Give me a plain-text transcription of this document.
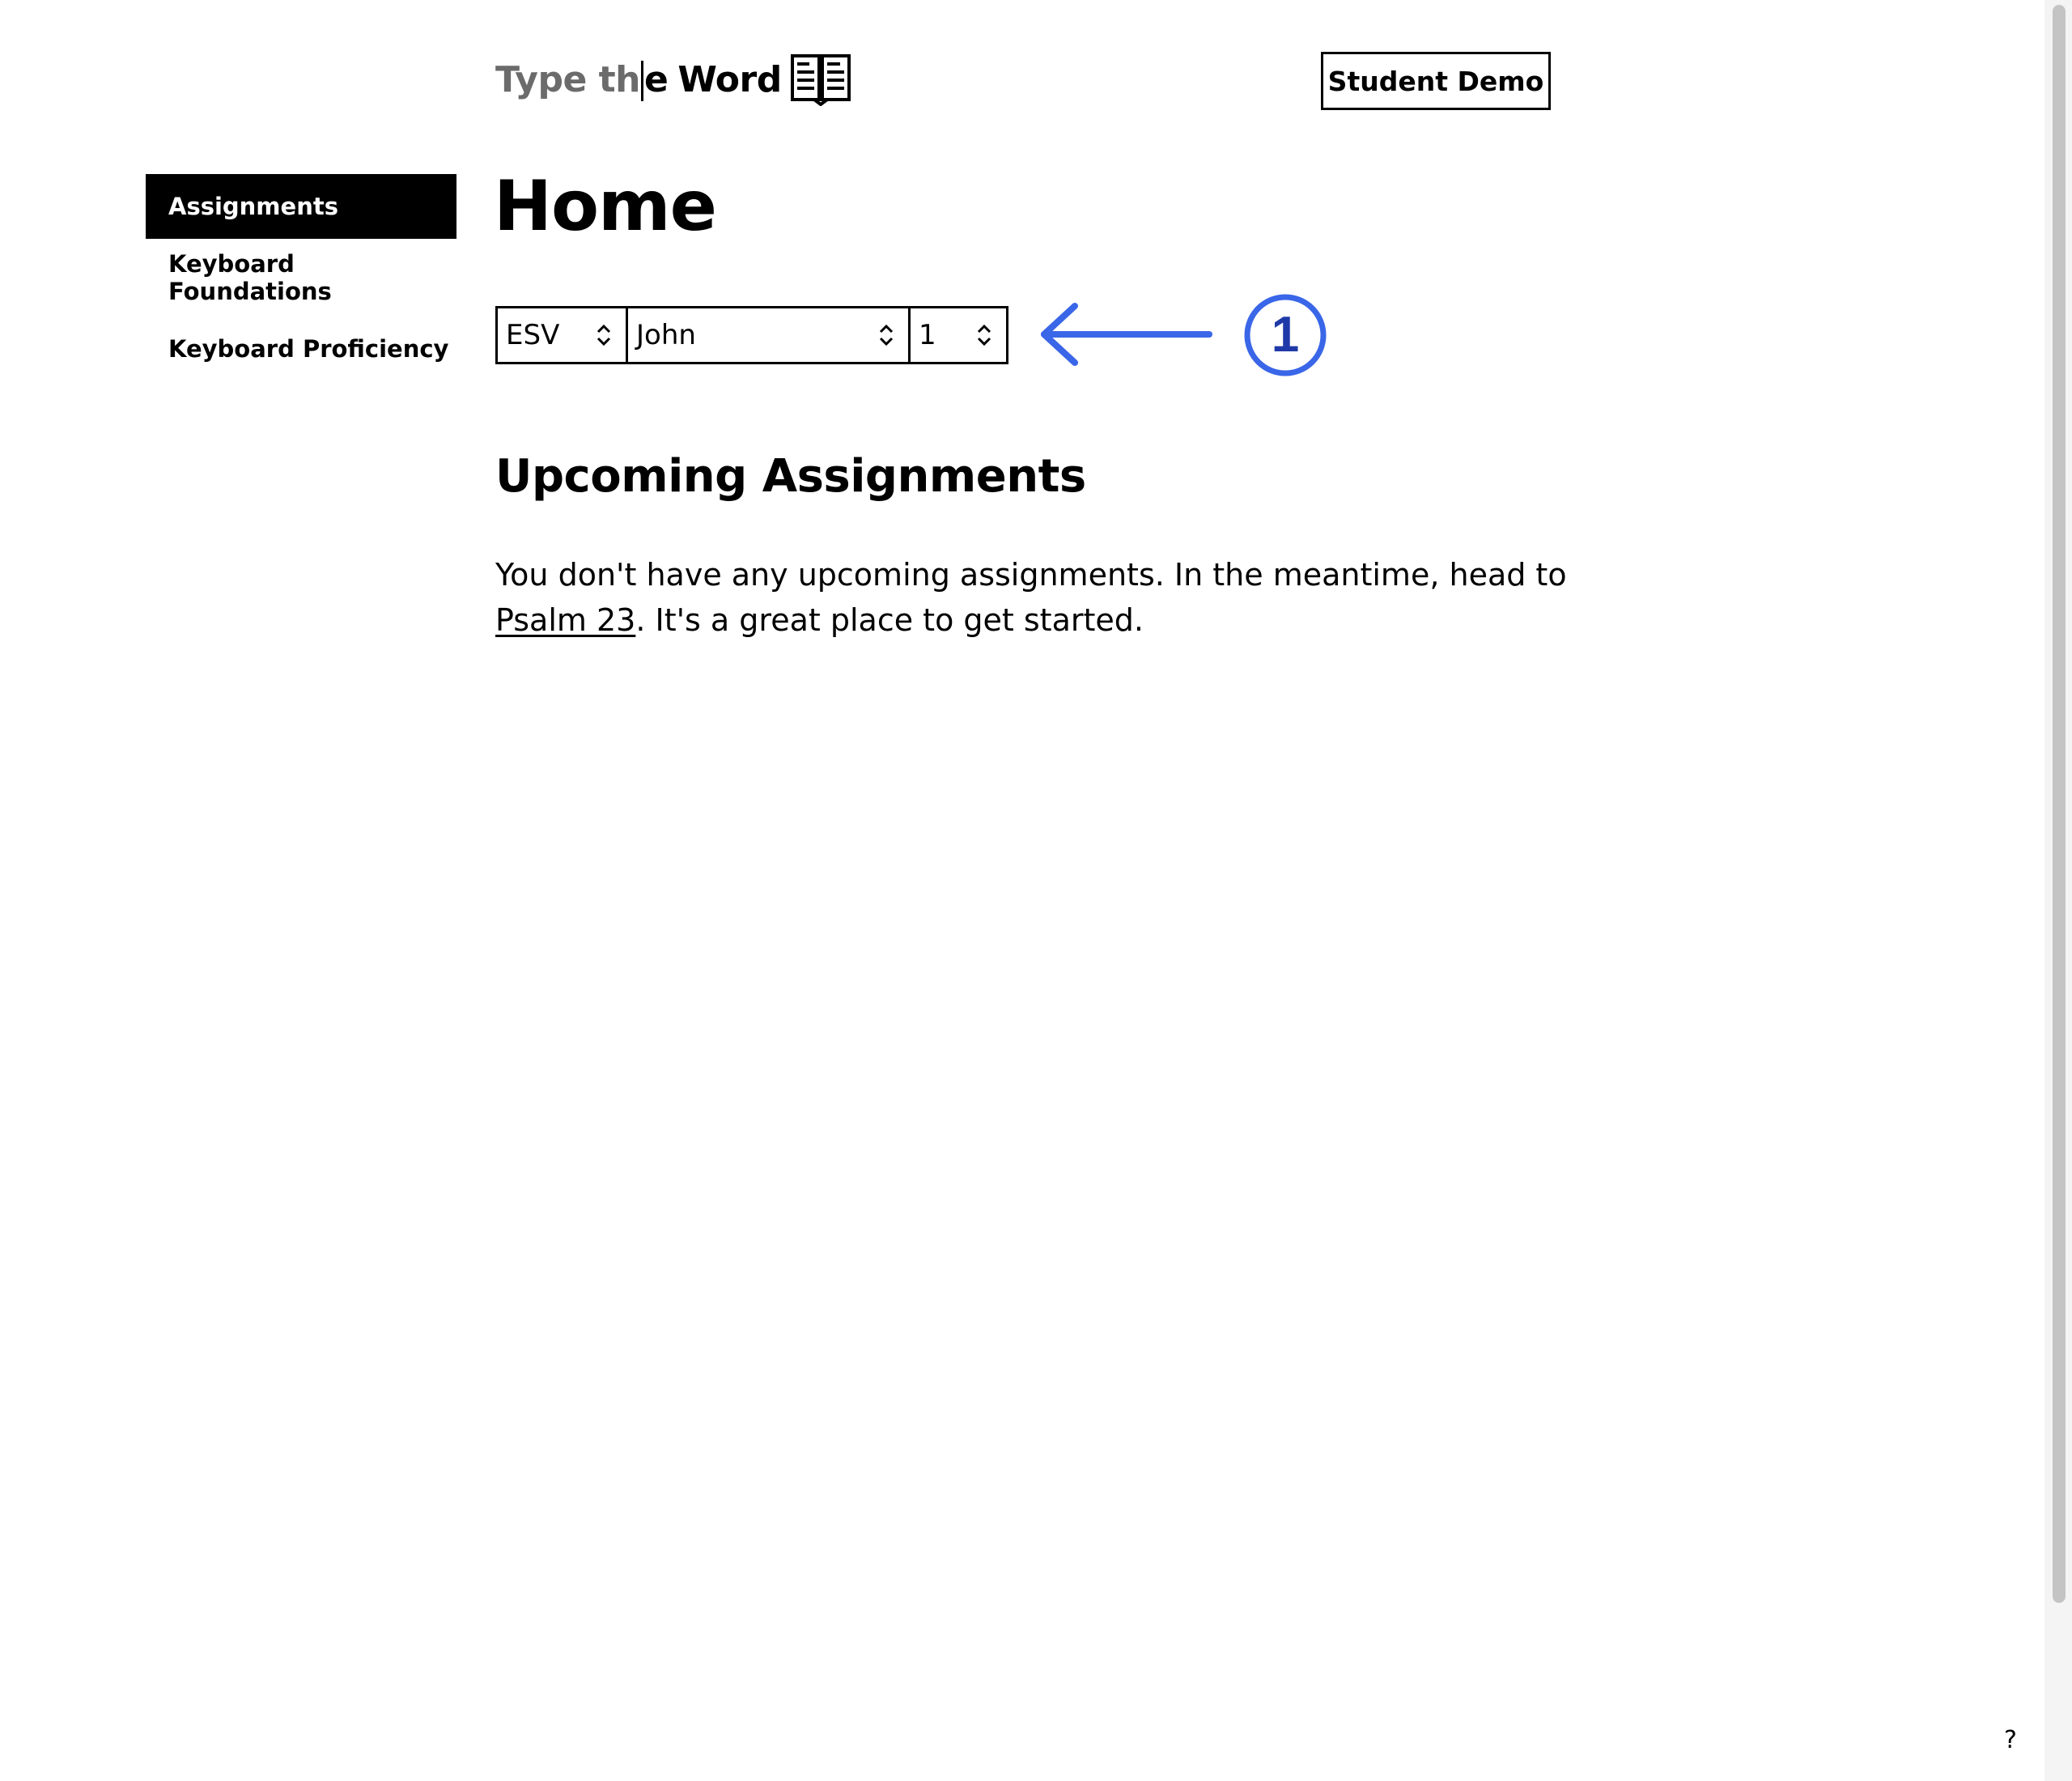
Type th e Word	Student Demo
Assignments
Keyboard Foundations
Keyboard Proficiency
Home
ESV	John	1	1
Upcoming Assignments

You don't have any upcoming assignments. In the meantime, head to Psalm 23. It's a great place to get started.

?
